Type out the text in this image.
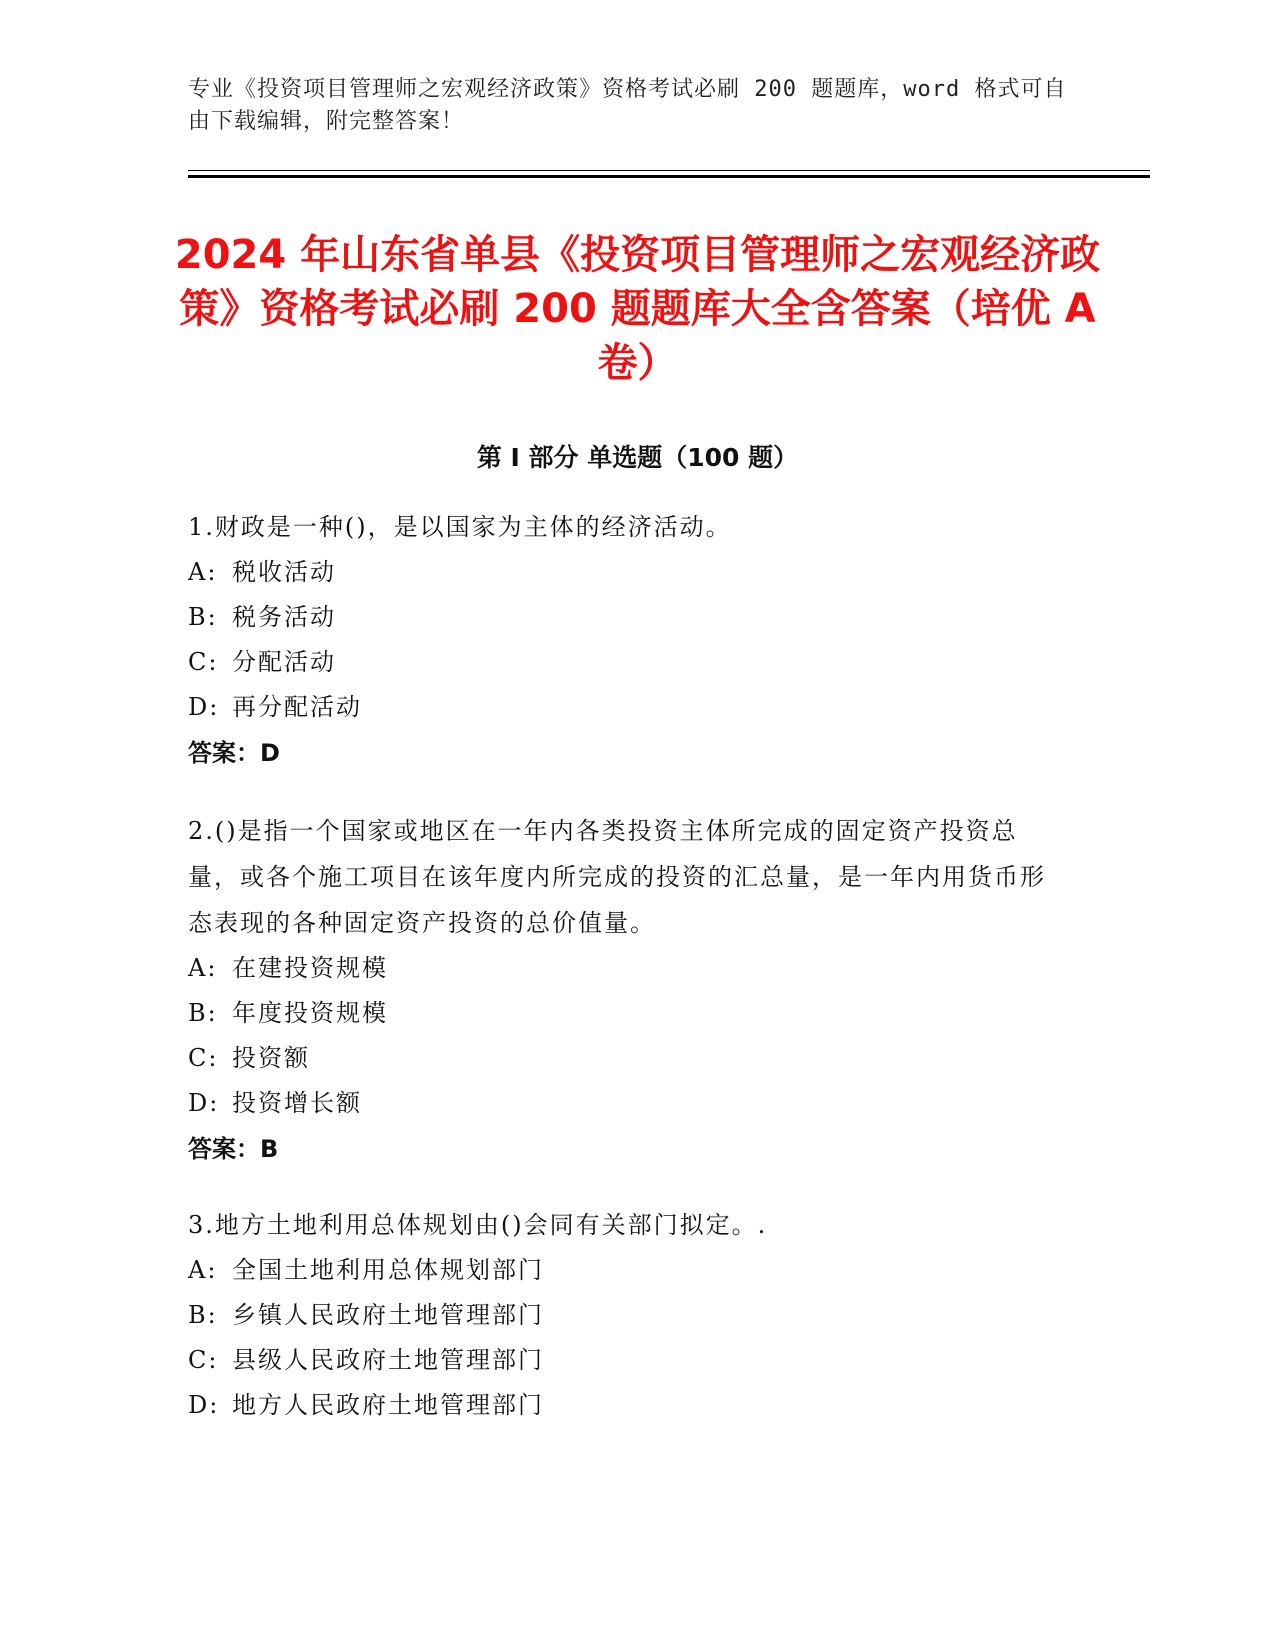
专业《投资项目管理师之宏观经济政策》资格考试必刷 200 题题库，word 格式可自由下载编辑，附完整答案！
2024 年山东省单县《投资项目管理师之宏观经济政策》资格考试必刷 200 题题库大全含答案（培优 A 卷）
第 I 部分 单选题（100 题）
1.财政是一种()，是以国家为主体的经济活动。
A: 税收活动
B: 税务活动
C: 分配活动
D: 再分配活动
答案：D
2.()是指一个国家或地区在一年内各类投资主体所完成的固定资产投资总量，或各个施工项目在该年度内所完成的投资的汇总量，是一年内用货币形态表现的各种固定资产投资的总价值量。
A: 在建投资规模
B: 年度投资规模
C: 投资额
D: 投资增长额
答案：B
3.地方土地利用总体规划由()会同有关部门拟定。.
A: 全国土地利用总体规划部门
B: 乡镇人民政府土地管理部门
C: 县级人民政府土地管理部门
D: 地方人民政府土地管理部门
